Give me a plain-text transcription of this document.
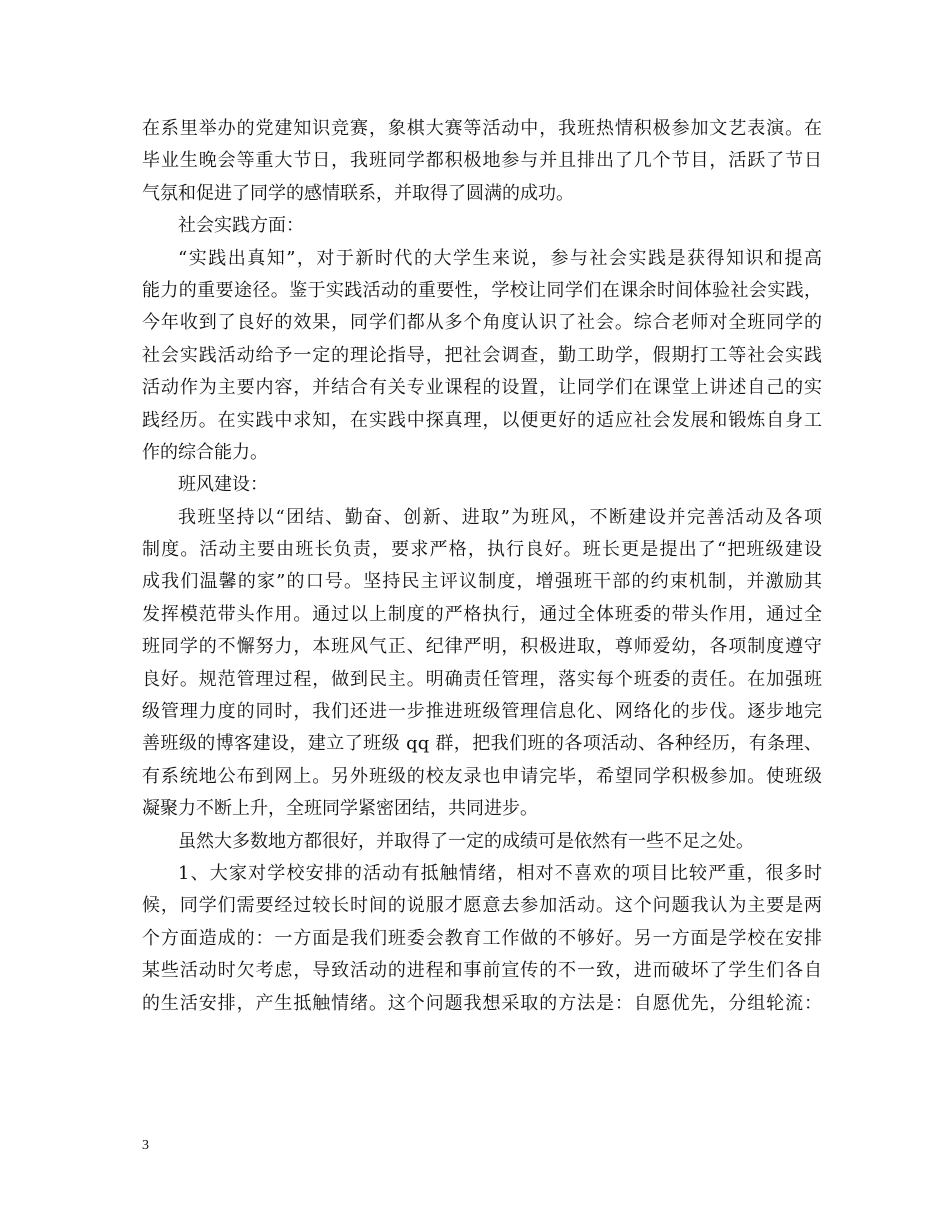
在系里举办的党建知识竞赛，象棋大赛等活动中，我班热情积极参加文艺表演。在
毕业生晚会等重大节日，我班同学都积极地参与并且排出了几个节目，活跃了节日
气氛和促进了同学的感情联系，并取得了圆满的成功。
社会实践方面：
“实践出真知”，对于新时代的大学生来说，参与社会实践是获得知识和提高
能力的重要途径。鉴于实践活动的重要性，学校让同学们在课余时间体验社会实践，
今年收到了良好的效果，同学们都从多个角度认识了社会。综合老师对全班同学的
社会实践活动给予一定的理论指导，把社会调查，勤工助学，假期打工等社会实践
活动作为主要内容，并结合有关专业课程的设置，让同学们在课堂上讲述自己的实
践经历。在实践中求知，在实践中探真理，以便更好的适应社会发展和锻炼自身工
作的综合能力。
班风建设：
我班坚持以“团结、勤奋、创新、进取”为班风，不断建设并完善活动及各项
制度。活动主要由班长负责，要求严格，执行良好。班长更是提出了“把班级建设
成我们温馨的家”的口号。坚持民主评议制度，增强班干部的约束机制，并激励其
发挥模范带头作用。通过以上制度的严格执行，通过全体班委的带头作用，通过全
班同学的不懈努力，本班风气正、纪律严明，积极进取，尊师爱幼，各项制度遵守
良好。规范管理过程，做到民主。明确责任管理，落实每个班委的责任。在加强班
级管理力度的同时，我们还进一步推进班级管理信息化、网络化的步伐。逐步地完
善班级的博客建设，建立了班级 qq 群，把我们班的各项活动、各种经历，有条理、
有系统地公布到网上。另外班级的校友录也申请完毕，希望同学积极参加。使班级
凝聚力不断上升，全班同学紧密团结，共同进步。
虽然大多数地方都很好，并取得了一定的成绩可是依然有一些不足之处。
1、大家对学校安排的活动有抵触情绪，相对不喜欢的项目比较严重，很多时
候，同学们需要经过较长时间的说服才愿意去参加活动。这个问题我认为主要是两
个方面造成的：一方面是我们班委会教育工作做的不够好。另一方面是学校在安排
某些活动时欠考虑，导致活动的进程和事前宣传的不一致，进而破坏了学生们各自
的生活安排，产生抵触情绪。这个问题我想采取的方法是：自愿优先，分组轮流：
3
